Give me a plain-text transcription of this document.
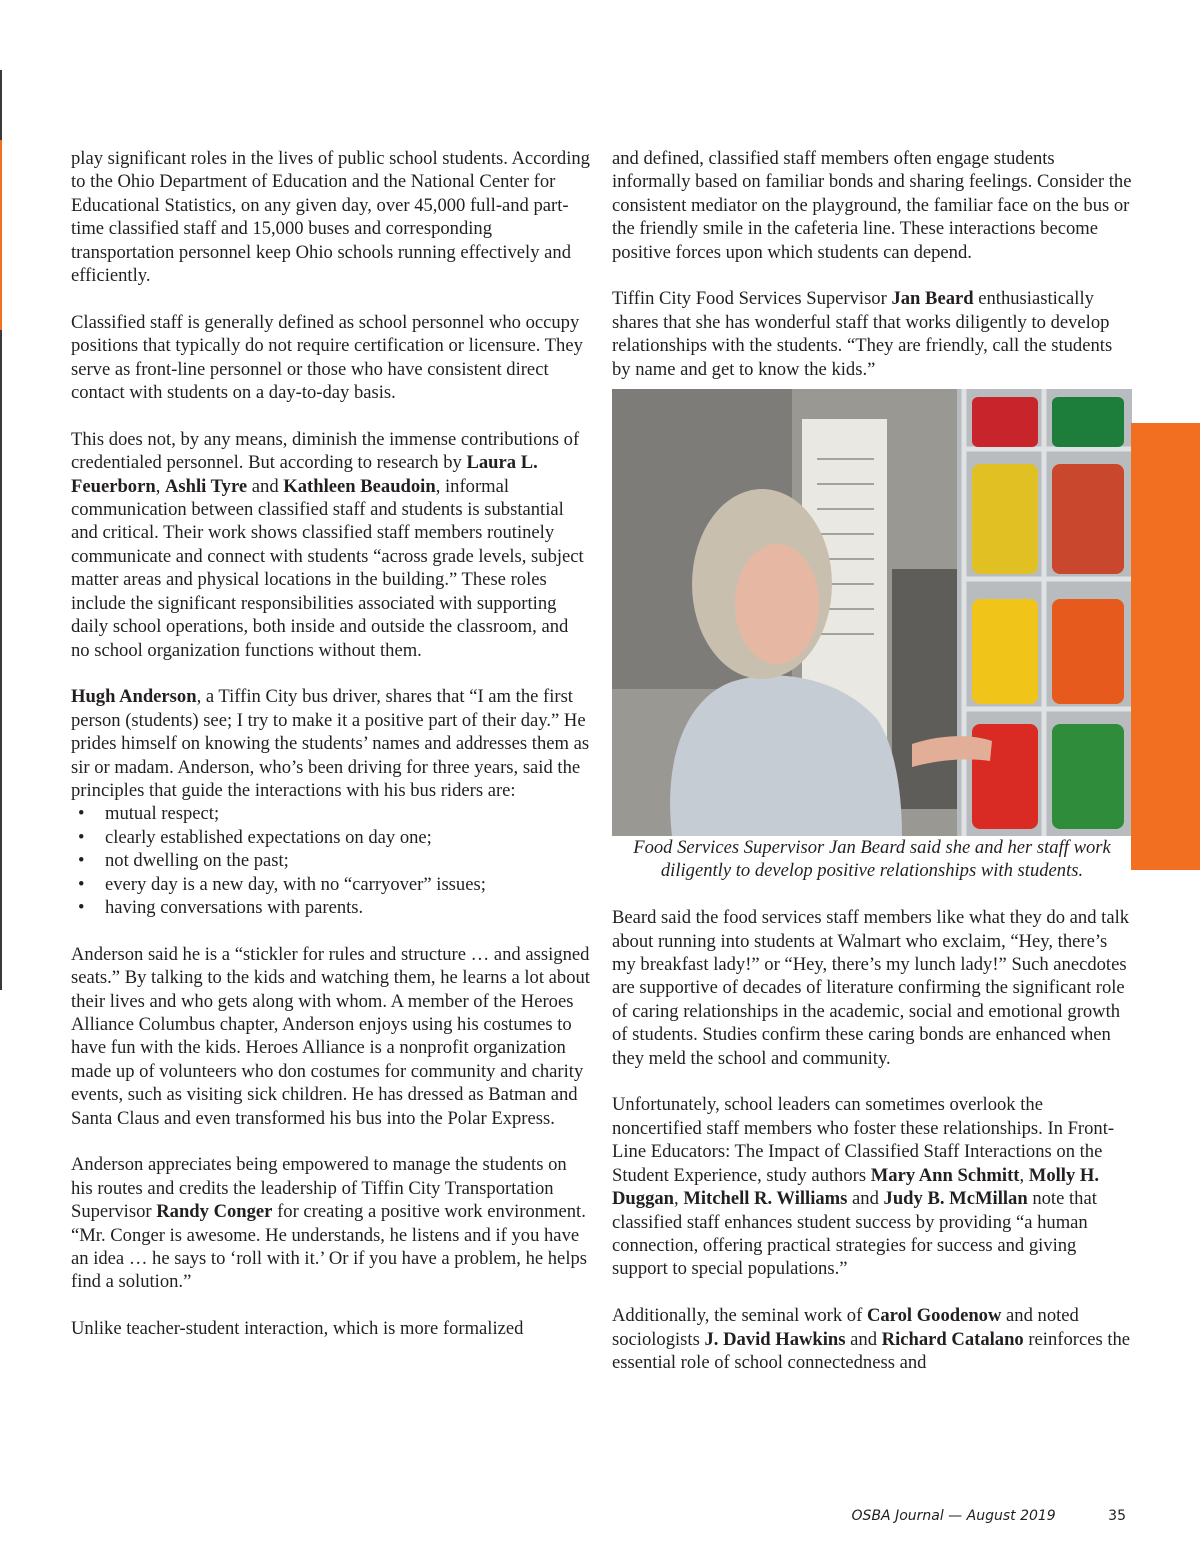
play significant roles in the lives of public school students. According to the Ohio Department of Education and the National Center for Educational Statistics, on any given day, over 45,000 full-and part-time classified staff and 15,000 buses and corresponding transportation personnel keep Ohio schools running effectively and efficiently.

Classified staff is generally defined as school personnel who occupy positions that typically do not require certification or licensure. They serve as front-line personnel or those who have consistent direct contact with students on a day-to-day basis.

This does not, by any means, diminish the immense contributions of credentialed personnel. But according to research by Laura L. Feuerborn, Ashli Tyre and Kathleen Beaudoin, informal communication between classified staff and students is substantial and critical. Their work shows classified staff members routinely communicate and connect with students “across grade levels, subject matter areas and physical locations in the building.” These roles include the significant responsibilities associated with supporting daily school operations, both inside and outside the classroom, and no school organization functions without them.

Hugh Anderson, a Tiffin City bus driver, shares that “I am the first person (students) see; I try to make it a positive part of their day.” He prides himself on knowing the students’ names and addresses them as sir or madam. Anderson, who’s been driving for three years, said the principles that guide the interactions with his bus riders are:

• mutual respect;
• clearly established expectations on day one;
• not dwelling on the past;
• every day is a new day, with no “carryover” issues;
• having conversations with parents.

Anderson said he is a “stickler for rules and structure … and assigned seats.” By talking to the kids and watching them, he learns a lot about their lives and who gets along with whom. A member of the Heroes Alliance Columbus chapter, Anderson enjoys using his costumes to have fun with the kids. Heroes Alliance is a nonprofit organization made up of volunteers who don costumes for community and charity events, such as visiting sick children. He has dressed as Batman and Santa Claus and even transformed his bus into the Polar Express.

Anderson appreciates being empowered to manage the students on his routes and credits the leadership of Tiffin City Transportation Supervisor Randy Conger for creating a positive work environment. “Mr. Conger is awesome. He understands, he listens and if you have an idea … he says to ‘roll with it.’ Or if you have a problem, he helps find a solution.”

Unlike teacher-student interaction, which is more formalized

and defined, classified staff members often engage students informally based on familiar bonds and sharing feelings. Consider the consistent mediator on the playground, the familiar face on the bus or the friendly smile in the cafeteria line. These interactions become positive forces upon which students can depend.

Tiffin City Food Services Supervisor Jan Beard enthusiastically shares that she has wonderful staff that works diligently to develop relationships with the students. “They are friendly, call the students by name and get to know the kids.”

Food Services Supervisor Jan Beard said she and her staff work diligently to develop positive relationships with students.

Beard said the food services staff members like what they do and talk about running into students at Walmart who exclaim, “Hey, there’s my breakfast lady!” or “Hey, there’s my lunch lady!” Such anecdotes are supportive of decades of literature confirming the significant role of caring relationships in the academic, social and emotional growth of students. Studies confirm these caring bonds are enhanced when they meld the school and community.

Unfortunately, school leaders can sometimes overlook the noncertified staff members who foster these relationships. In Front-Line Educators: The Impact of Classified Staff Interactions on the Student Experience, study authors Mary Ann Schmitt, Molly H. Duggan, Mitchell R. Williams and Judy B. McMillan note that classified staff enhances student success by providing “a human connection, offering practical strategies for success and giving support to special populations.”

Additionally, the seminal work of Carol Goodenow and noted sociologists J. David Hawkins and Richard Catalano reinforces the essential role of school connectedness and

OSBA Journal — August 2019	35
